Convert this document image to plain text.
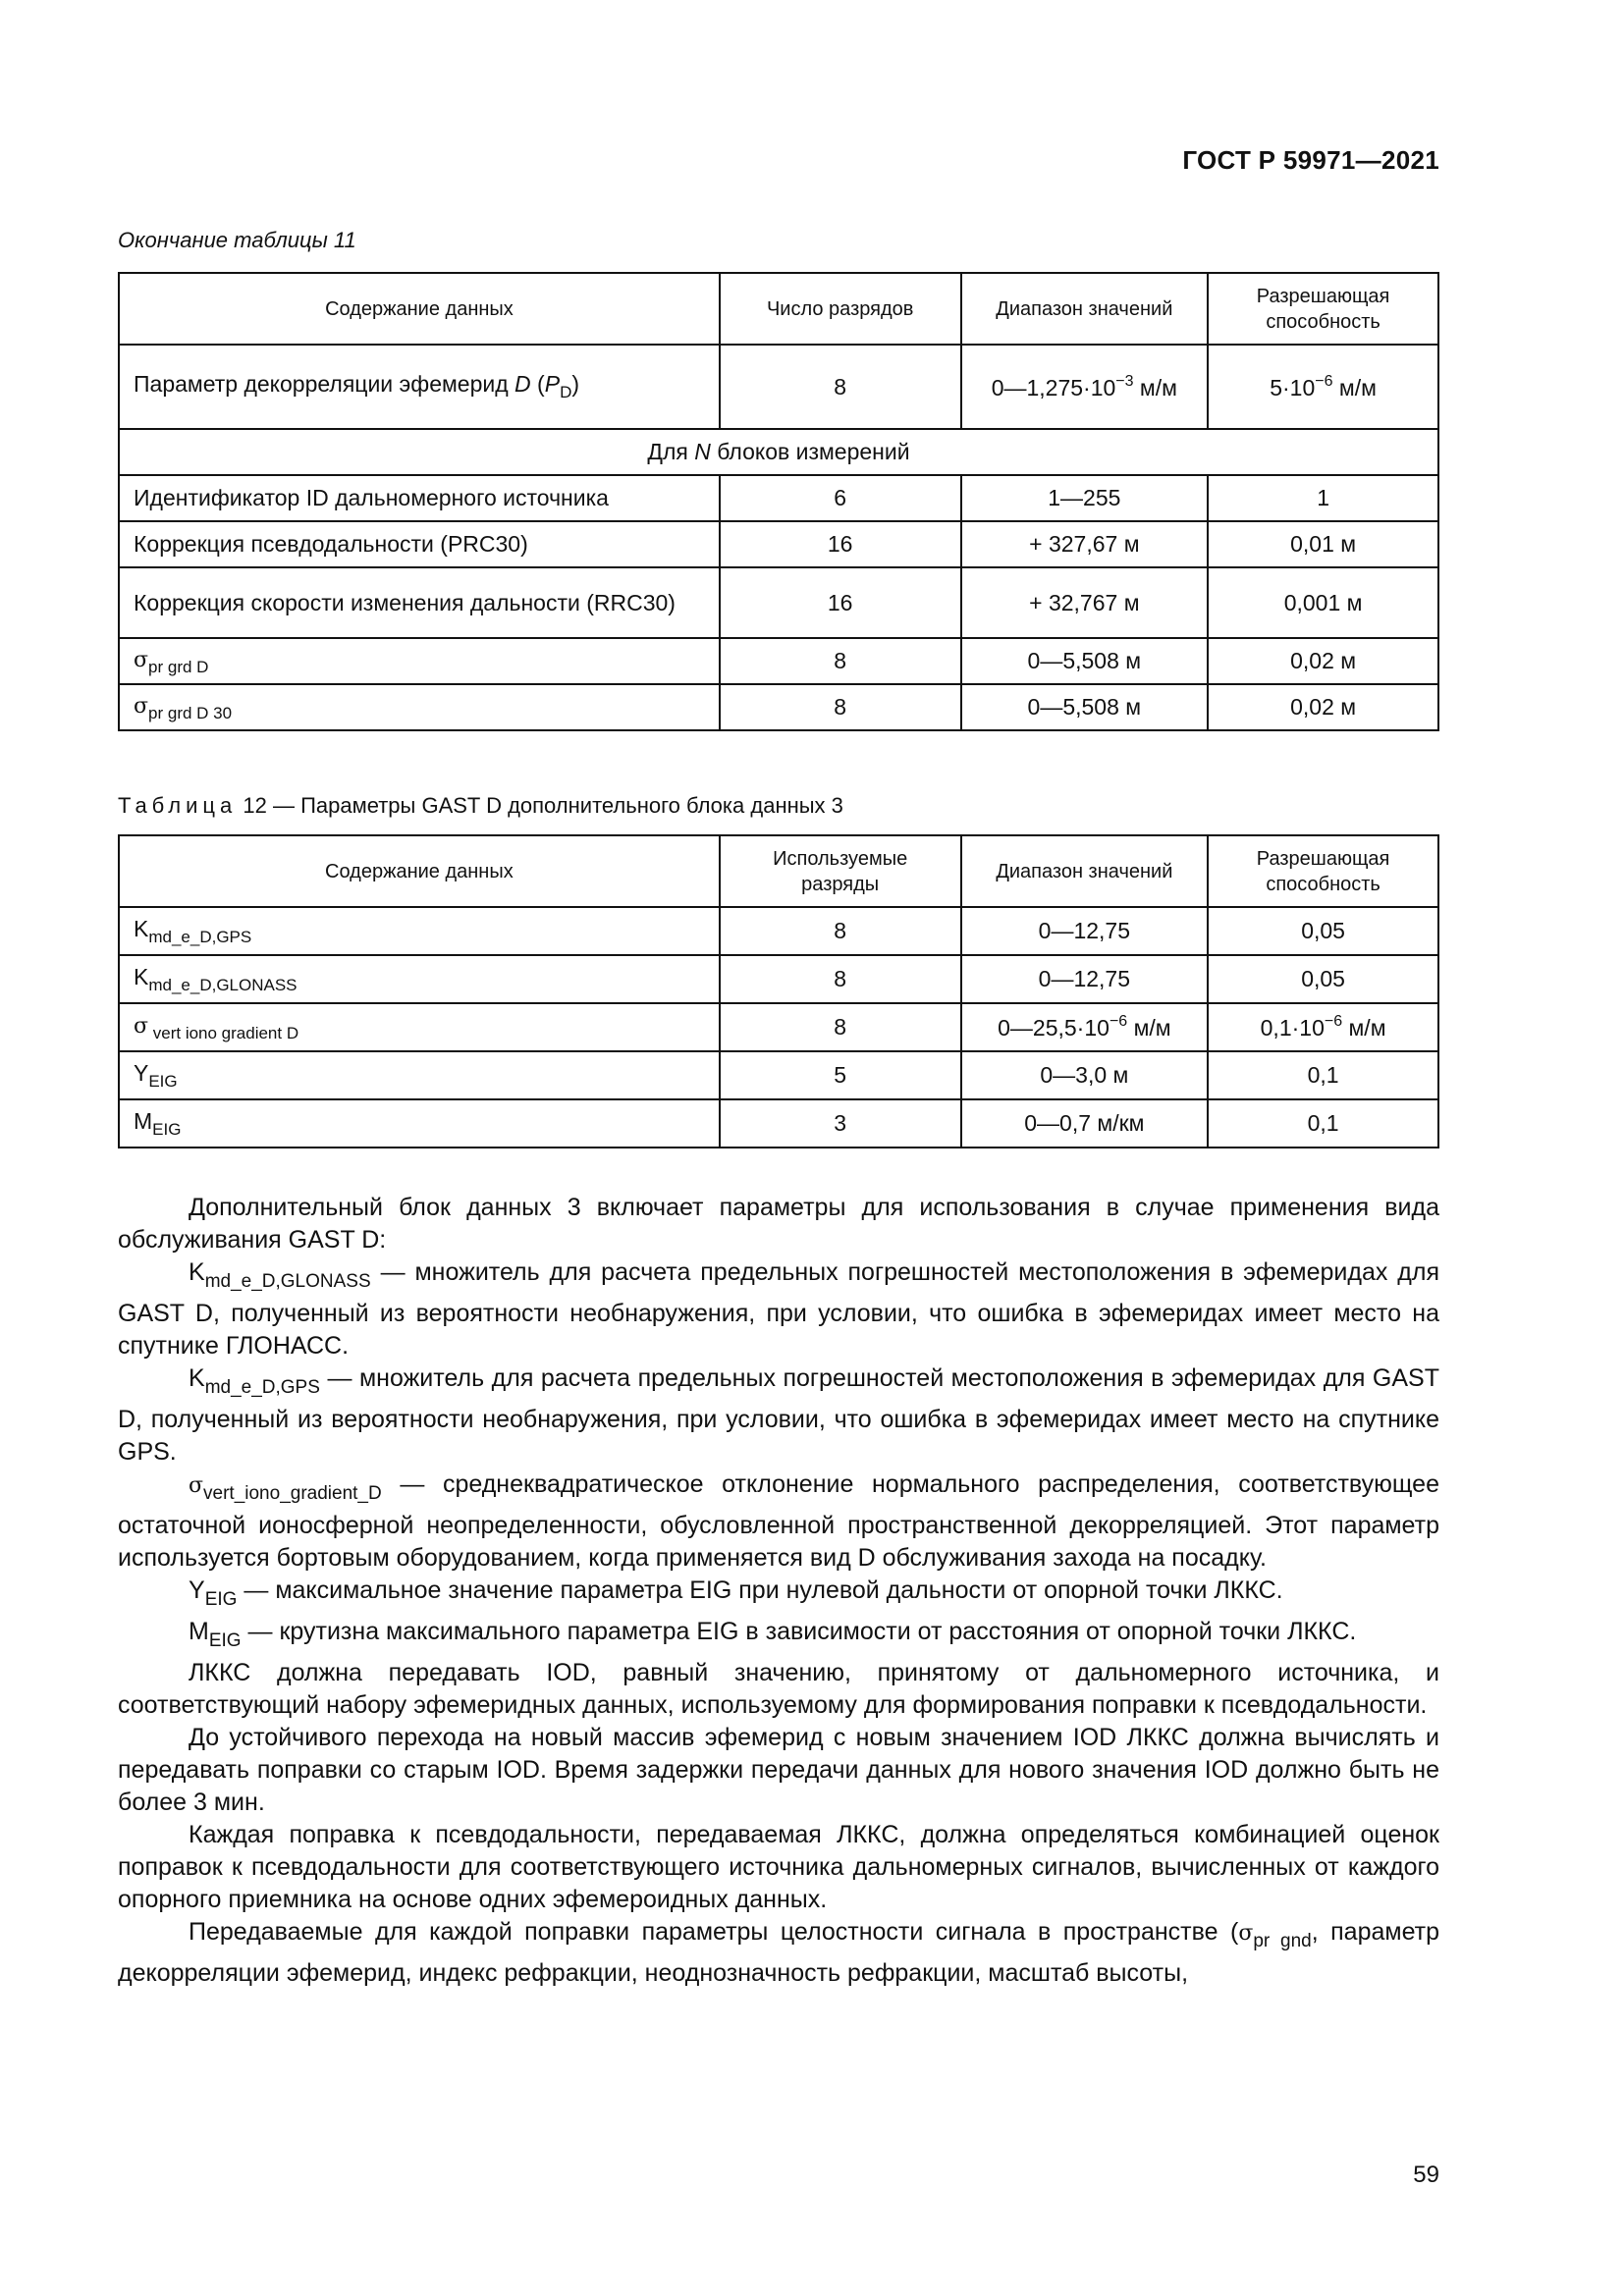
ГОСТ Р 59971—2021
Окончание таблицы 11
Содержание данных	Число разрядов	Диапазон значений	Разрешающая способность
Параметр декорреляции эфемерид D $(P_D)$	8	$0—1,275\cdot 10^{-3}$ м/м	$5\cdot 10^{-6}$ м/м
Для N блоков измерений			
Идентификатор ID дальномерного источника	6	1—255	1
Коррекция псевдодальности (PRC30)	16	+ 327,67 м	0,01 м
Коррекция скорости изменения дальности (RRC30)	16	+ 32,767 м	0,001 м
$\sigma_{pr grd D}$	8	0—5,508 м	0,02 м
$\sigma_{pr grd D 30}$	8	0—5,508 м	0,02 м
Таблица 12 — Параметры GAST D дополнительного блока данных 3
Содержание данных	Используемые разряды	Диапазон значений	Разрешающая способность
$K_{md\_e\_D,GPS}$	8	0—12,75	0,05
$K_{md\_e\_D,GLONASS}$	8	0—12,75	0,05
σ $_{vert iono gradient D}$	8	$0—25,5\cdot 10^{-6}$ м/м	$0,1\cdot 10^{-6}$ м/м
$Y_{EIG}$	5	0—3,0 м	0,1
$M_{EIG}$	3	0—0,7 м/км	0,1

Дополнительный блок данных 3 включает параметры для использования в случае применения вида обслуживания GAST D:

$K_{md\_e\_D,GLONASS}$ — множитель для расчета предельных погрешностей местоположения в эфемеридах для GAST D, полученный из вероятности необнаружения, при условии, что ошибка в эфемеридах имеет место на спутнике ГЛОНАСС.

$K_{md\_e\_D,GPS}$ — множитель для расчета предельных погрешностей местоположения в эфемеридах для GAST D, полученный из вероятности необнаружения, при условии, что ошибка в эфемеридах имеет место на спутнике GPS.

$\sigma_{vert\_iono\_gradient\_D}$ — среднеквадратическое отклонение нормального распределения, соответствующее остаточной ионосферной неопределенности, обусловленной пространственной декорреляцией. Этот параметр используется бортовым оборудованием, когда применяется вид D обслуживания захода на посадку.

$Y_{EIG}$ — максимальное значение параметра EIG при нулевой дальности от опорной точки ЛККС.

$M_{EIG}$ — крутизна максимального параметра EIG в зависимости от расстояния от опорной точки ЛККС.

ЛККС должна передавать IOD, равный значению, принятому от дальномерного источника, и соответствующий набору эфемеридных данных, используемому для формирования поправки к псевдодальности.

До устойчивого перехода на новый массив эфемерид с новым значением IOD ЛККС должна вычислять и передавать поправки со старым IOD. Время задержки передачи данных для нового значения IOD должно быть не более 3 мин.

Каждая поправка к псевдодальности, передаваемая ЛККС, должна определяться комбинацией оценок поправок к псевдодальности для соответствующего источника дальномерных сигналов, вычисленных от каждого опорного приемника на основе одних эфемероидных данных.

Передаваемые для каждой поправки параметры целостности сигнала в пространстве ($\sigma_{pr gnd}$, параметр декорреляции эфемерид, индекс рефракции, неоднозначность рефракции, масштаб высоты,

59
